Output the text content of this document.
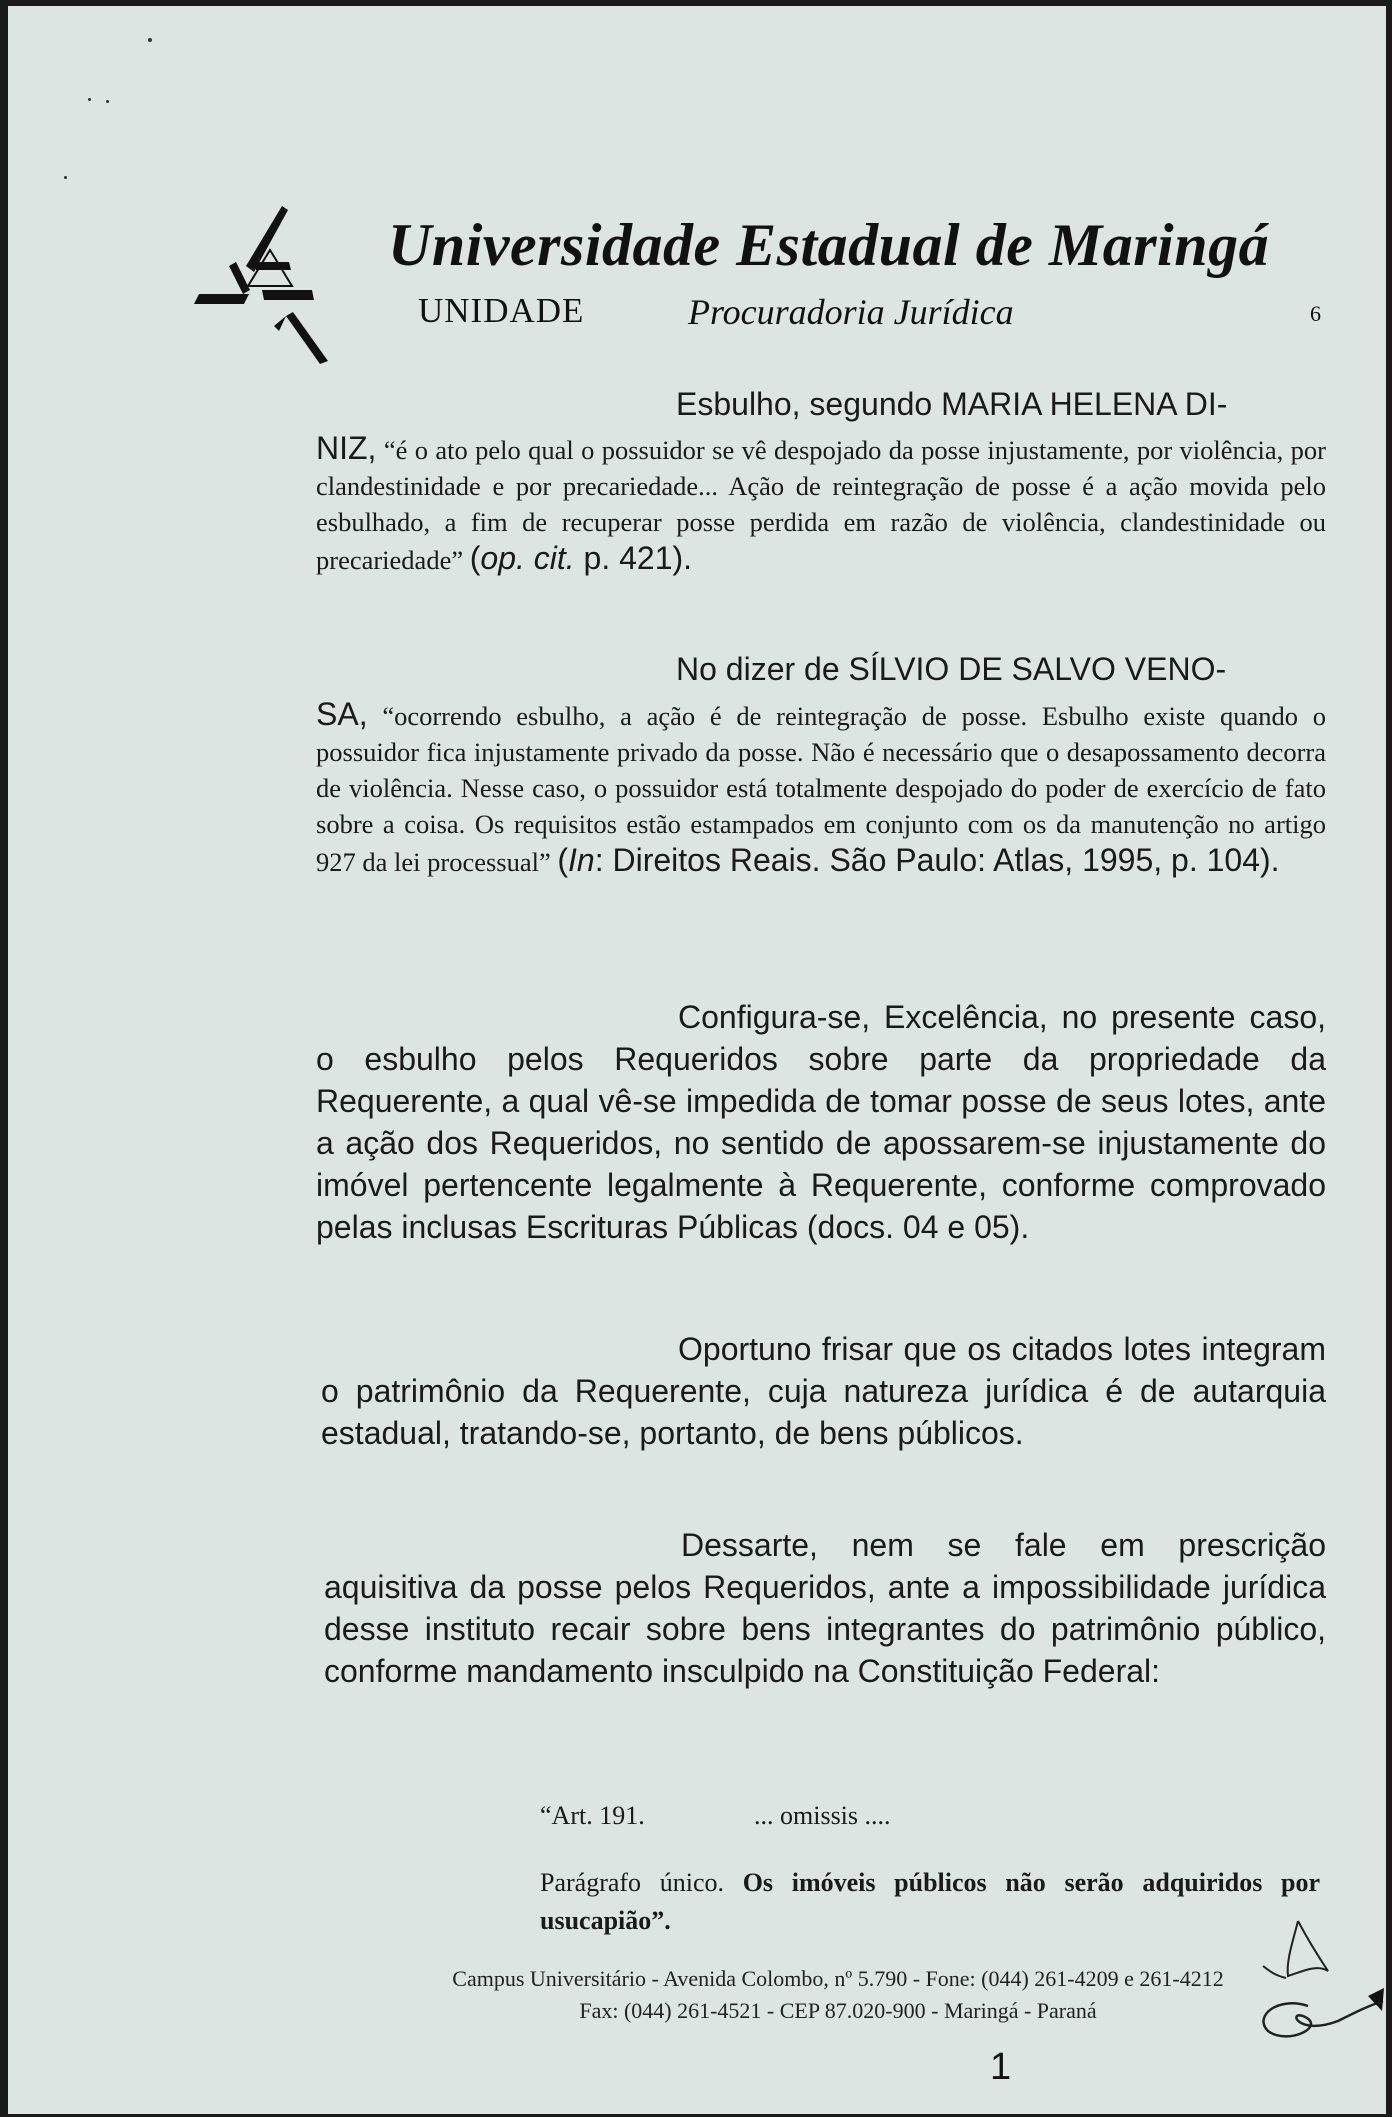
Universidade Estadual de Maringá
UNIDADE	Procuradoria Jurídica	6
Esbulho, segundo MARIA HELENA DI-
NIZ, “é o ato pelo qual o possuidor se vê despojado da posse injustamente, por violência, por clandestinidade e por precariedade... Ação de reintegração de posse é a ação movida pelo esbulhado, a fim de recuperar posse perdida em razão de violência, clandestinidade ou precariedade” (op. cit. p. 421).
No dizer de SÍLVIO DE SALVO VENO-
SA, “ocorrendo esbulho, a ação é de reintegração de posse. Esbulho existe quando o possuidor fica injustamente privado da posse. Não é necessário que o desapossamento decorra de violência. Nesse caso, o possuidor está totalmente despojado do poder de exercício de fato sobre a coisa. Os requisitos estão estampados em conjunto com os da manutenção no artigo 927 da lei processual” (In: Direitos Reais. São Paulo: Atlas, 1995, p. 104).
Configura-se, Excelência, no presente caso, o esbulho pelos Requeridos sobre parte da propriedade da Requerente, a qual vê-se impedida de tomar posse de seus lotes, ante a ação dos Requeridos, no sentido de apossarem-se injustamente do imóvel pertencente legalmente à Requerente, conforme comprovado pelas inclusas Escrituras Públicas (docs. 04 e 05).
Oportuno frisar que os citados lotes integram o patrimônio da Requerente, cuja natureza jurídica é de autarquia estadual, tratando-se, portanto, de bens públicos.
Dessarte, nem se fale em prescrição aquisitiva da posse pelos Requeridos, ante a impossibilidade jurídica desse instituto recair sobre bens integrantes do patrimônio público, conforme mandamento insculpido na Constituição Federal:
“Art. 191.	... omissis ....
Parágrafo único. Os imóveis públicos não serão adquiridos por usucapião”.
Campus Universitário - Avenida Colombo, nº 5.790 - Fone: (044) 261-4209 e 261-4212
Fax: (044) 261-4521 - CEP 87.020-900 - Maringá - Paraná
1
